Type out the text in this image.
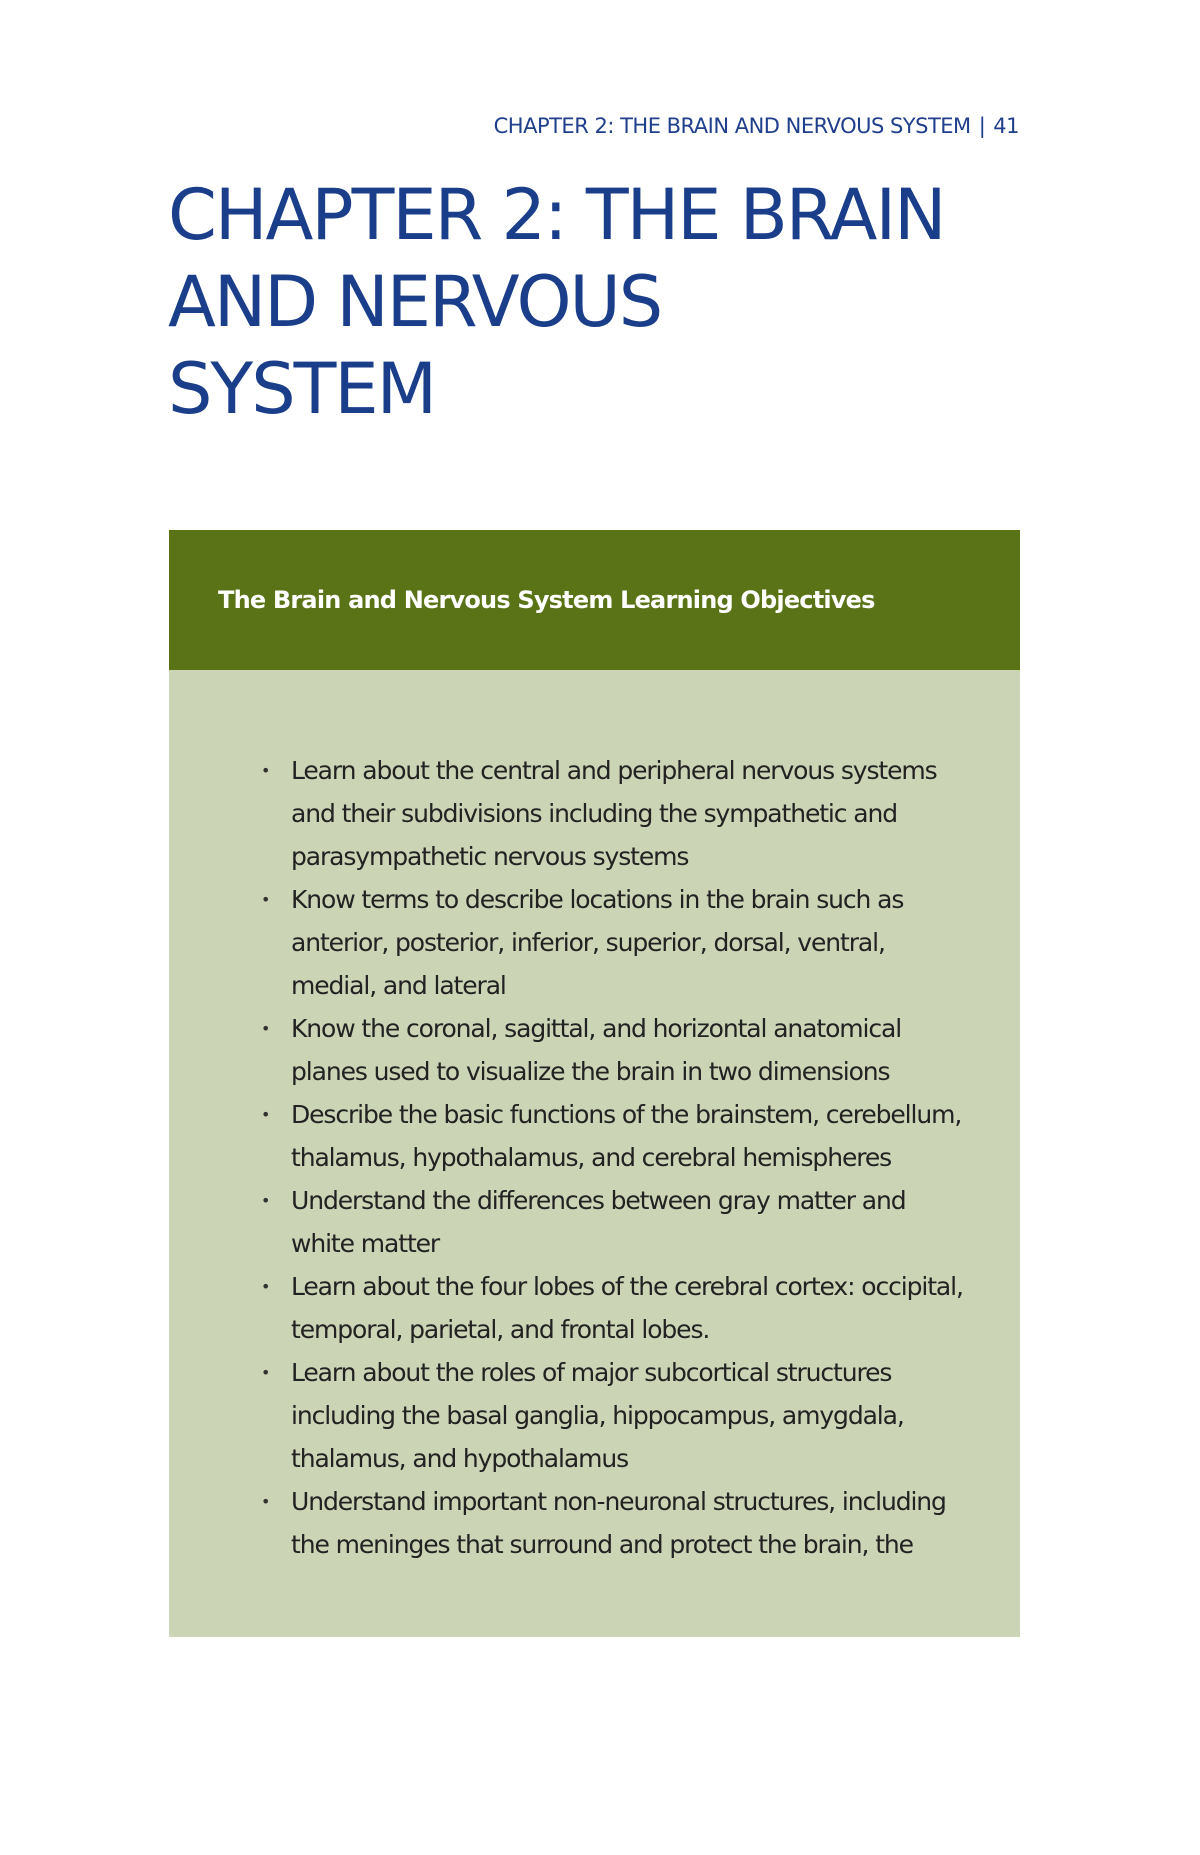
CHAPTER 2: THE BRAIN AND NERVOUS SYSTEM | 41
CHAPTER 2: THE BRAIN
AND NERVOUS
SYSTEM
The Brain and Nervous System Learning Objectives
• Learn about the central and peripheral nervous systems
and their subdivisions including the sympathetic and
parasympathetic nervous systems
• Know terms to describe locations in the brain such as
anterior, posterior, inferior, superior, dorsal, ventral,
medial, and lateral
• Know the coronal, sagittal, and horizontal anatomical
planes used to visualize the brain in two dimensions
• Describe the basic functions of the brainstem, cerebellum,
thalamus, hypothalamus, and cerebral hemispheres
• Understand the differences between gray matter and
white matter
• Learn about the four lobes of the cerebral cortex: occipital,
temporal, parietal, and frontal lobes.
• Learn about the roles of major subcortical structures
including the basal ganglia, hippocampus, amygdala,
thalamus, and hypothalamus
• Understand important non-neuronal structures, including
the meninges that surround and protect the brain, the
